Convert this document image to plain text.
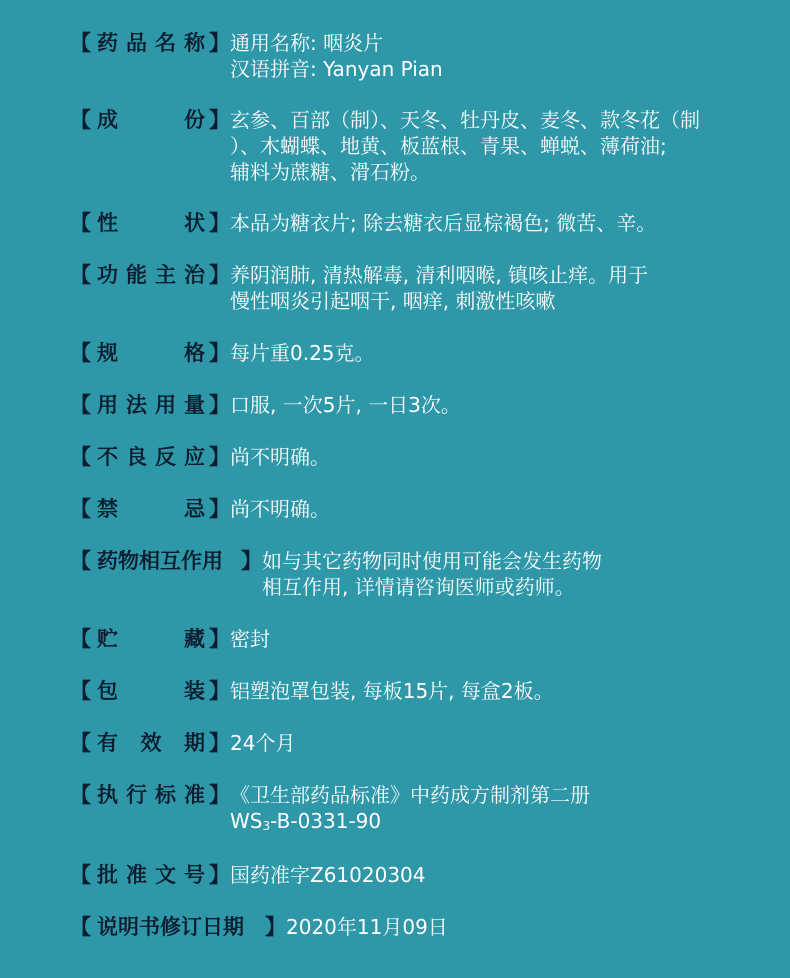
【 药 品 名 称 】 通用名称: 咽炎片
汉语拼音: Yanyan Pian
【 成	份 】 玄参、百部（制）、天冬、牡丹皮、麦冬、款冬花（制
）、木蝴蝶、地黄、板蓝根、青果、蝉蜕、薄荷油;
辅料为蔗糖、滑石粉。
【 性	状 】 本品为糖衣片; 除去糖衣后显棕褐色; 微苦、辛。
【 功 能 主 治 】 养阴润肺, 清热解毒, 清利咽喉, 镇咳止痒。用于
慢性咽炎引起咽干, 咽痒, 刺激性咳嗽
【 规	格 】 每片重0.25克。
【 用 法 用 量 】 口服, 一次5片, 一日3次。
【 不 良 反 应 】 尚不明确。
【 禁	忌 】 尚不明确。
【 药物相互作用 】 如与其它药物同时使用可能会发生药物
相互作用, 详情请咨询医师或药师。
【 贮	藏 】 密封
【 包	装 】 铝塑泡罩包装, 每板15片, 每盒2板。
【 有 效 期 】 24个月
【 执 行 标 准 】 《卫生部药品标准》中药成方制剂第二册
WS3-B-0331-90
【 批 准 文 号 】 国药准字Z61020304
【 说明书修订日期	】 2020年11月09日
